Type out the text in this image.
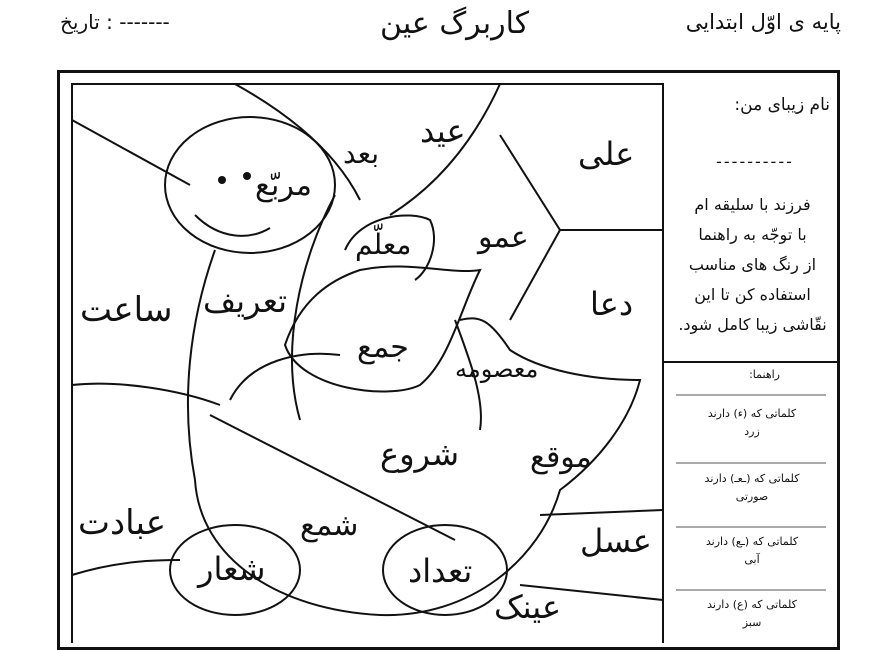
پایه ی اوّل ابتدایی
کاربرگ عین
تاریخ : -------
نام زیبای من:
----------
فرزند با سلیقه ام
با توجّه به راهنما
از رنگ های مناسب
استفاده کن تا این
نقّاشی زیبا کامل شود.
راهنما:
کلماتی که (ء) دارند
زرد
کلماتی که (ـعـ) دارند
صورتی
کلماتی که (ـع) دارند
آبی
کلماتی که (ع) دارند
سبز
عید
بعد	علی
مربّع
عمو
معلّم
دعا
ساعت تعریف
جمع
معصومه
شروع موقع
عبادت	شمع	عسل
شعار	تعداد
عینک
